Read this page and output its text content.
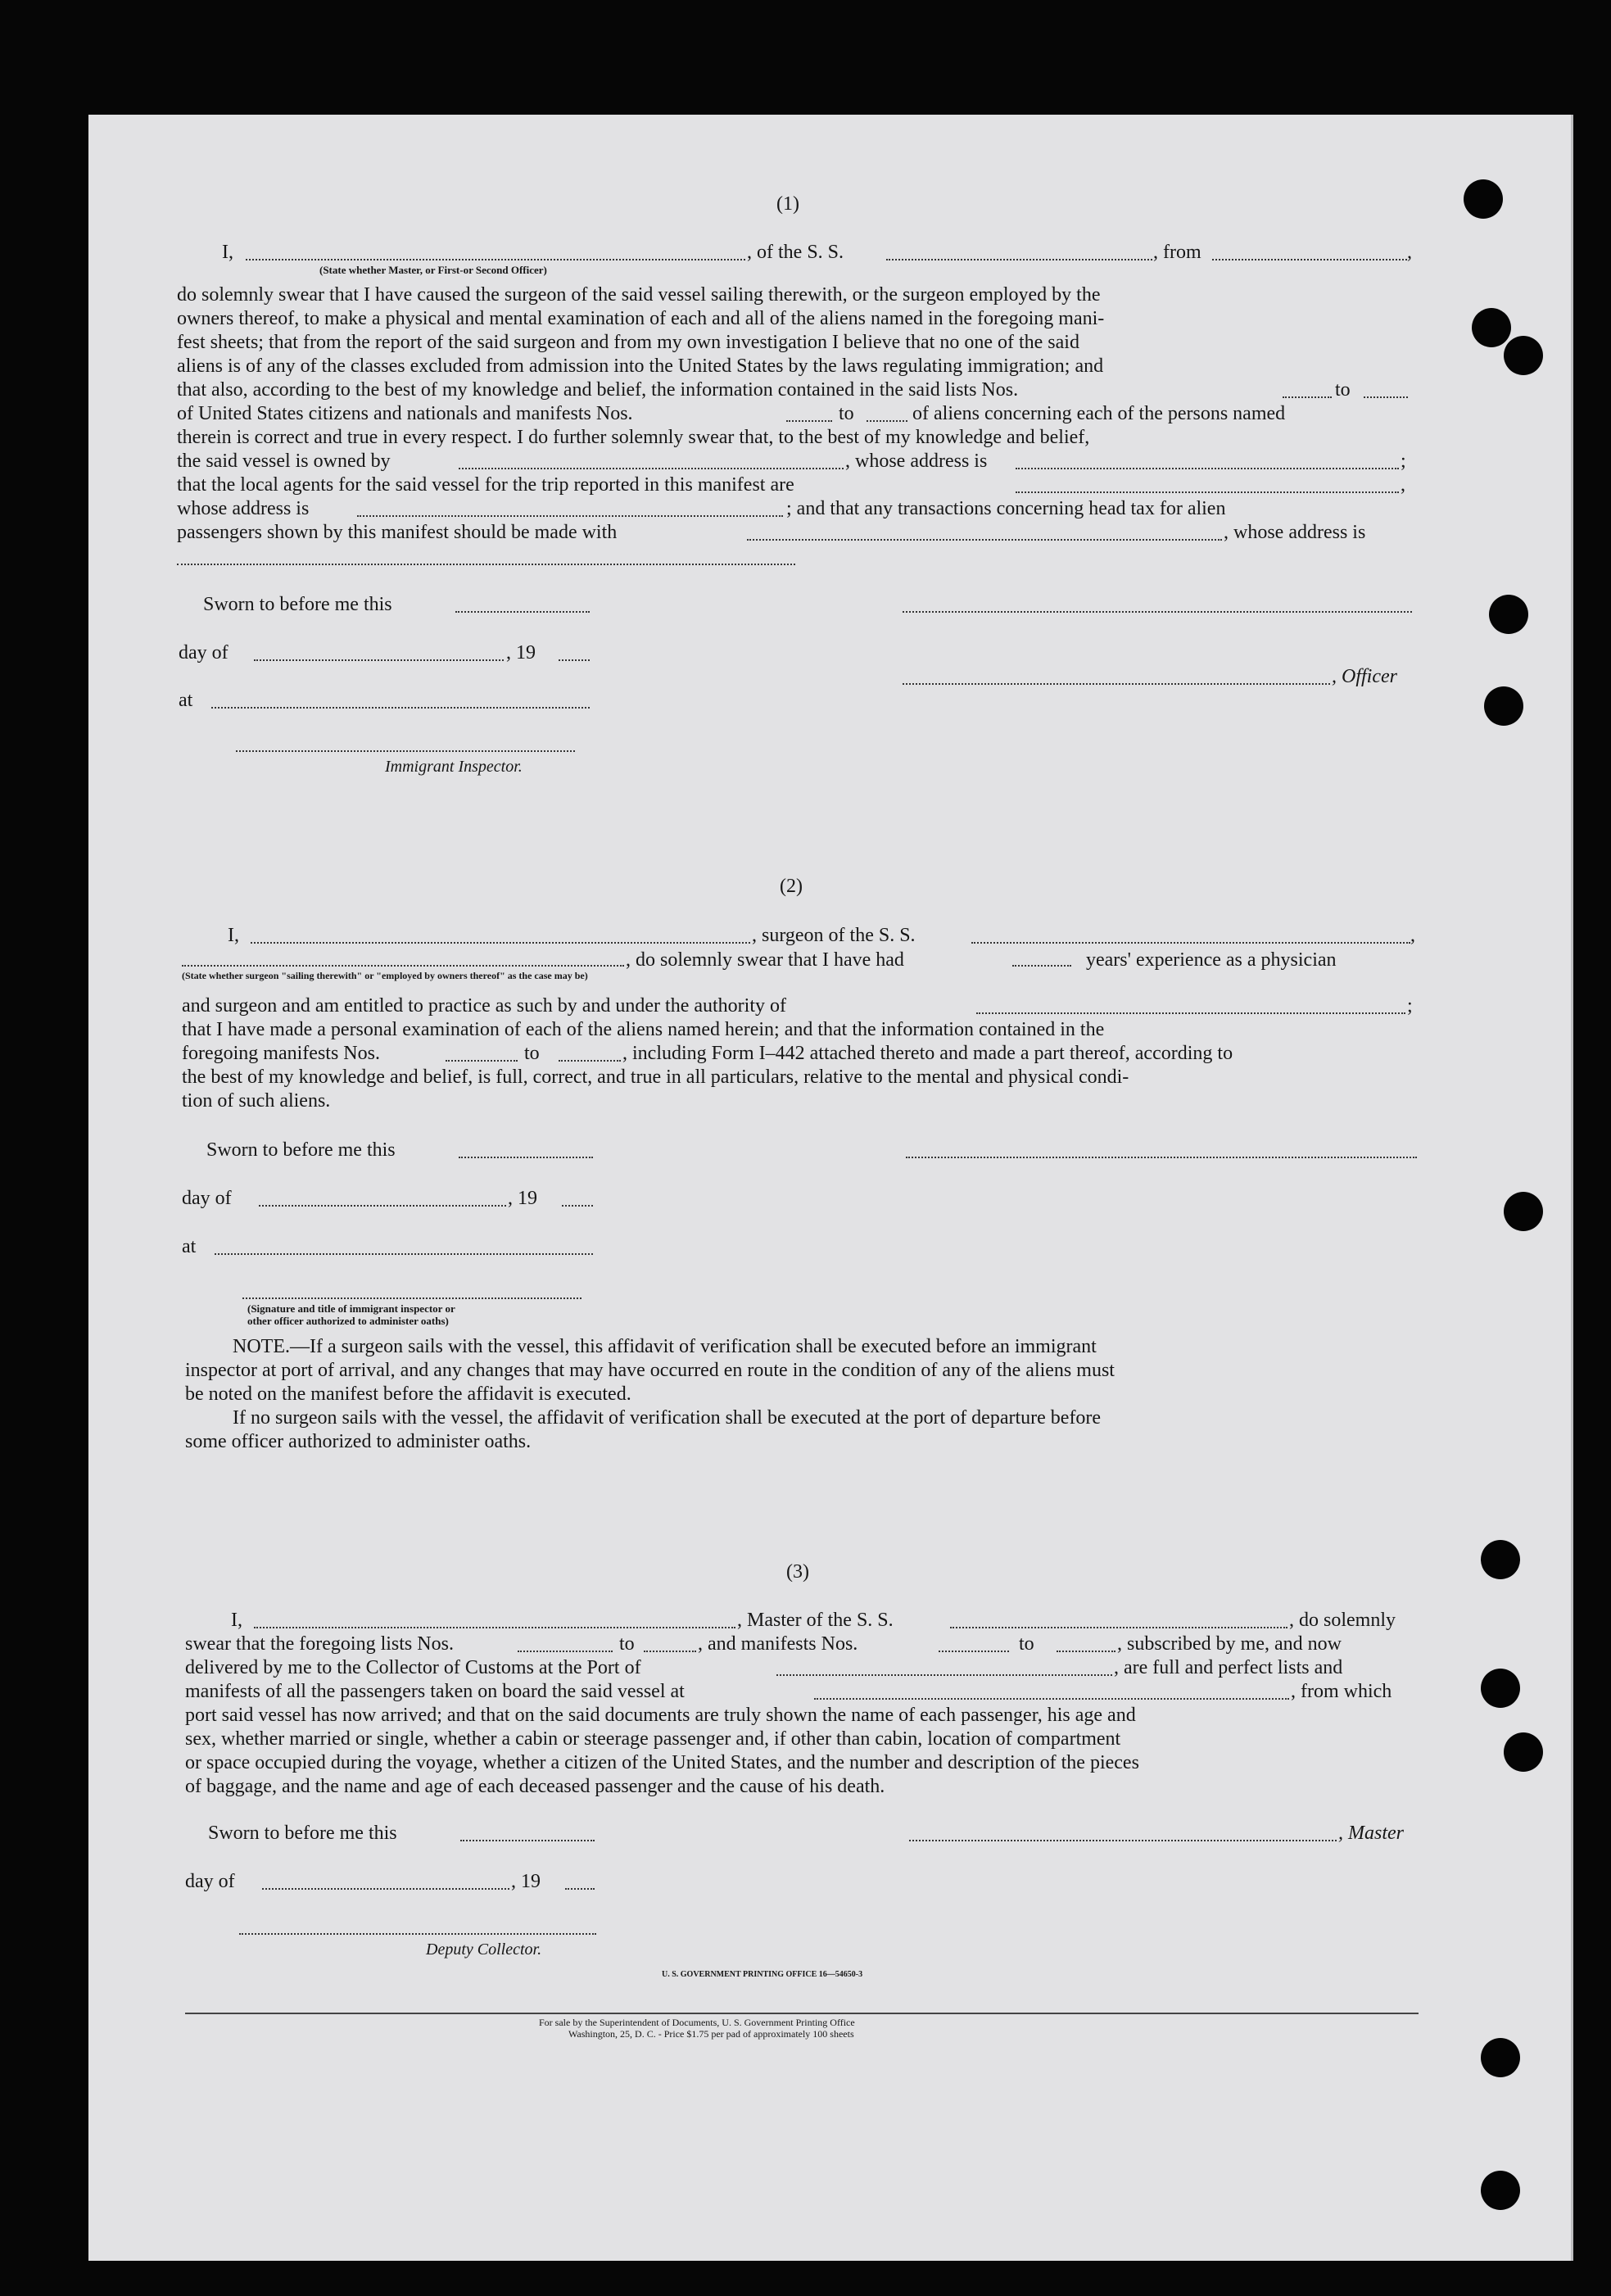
(1)
I,	, of the S. S.	, from	,
(State whether Master, or First-or Second Officer)
do solemnly swear that I have caused the surgeon of the said vessel sailing therewith, or the surgeon employed by the
owners thereof, to make a physical and mental examination of each and all of the aliens named in the foregoing mani-
fest sheets; that from the report of the said surgeon and from my own investigation I believe that no one of the said
aliens is of any of the classes excluded from admission into the United States by the laws regulating immigration; and
that also, according to the best of my knowledge and belief, the information contained in the said lists Nos.	to
of United States citizens and nationals and manifests Nos.	to	of aliens concerning each of the persons named
therein is correct and true in every respect. I do further solemnly swear that, to the best of my knowledge and belief,
the said vessel is owned by	, whose address is	;
that the local agents for the said vessel for the trip reported in this manifest are	,
whose address is	; and that any transactions concerning head tax for alien
passengers shown by this manifest should be made with	, whose address is
Sworn to before me this
day of	, 19
, Officer
at
Immigrant Inspector.
(2)
I,	, surgeon of the S. S.	,
, do solemnly swear that I have had	years' experience as a physician
(State whether surgeon "sailing therewith" or "employed by owners thereof" as the case may be)
and surgeon and am entitled to practice as such by and under the authority of	;
that I have made a personal examination of each of the aliens named herein; and that the information contained in the
foregoing manifests Nos.	to	, including Form I–442 attached thereto and made a part thereof, according to
the best of my knowledge and belief, is full, correct, and true in all particulars, relative to the mental and physical condi-
tion of such aliens.
Sworn to before me this
day of	, 19
at
(Signature and title of immigrant inspector or
other officer authorized to administer oaths)
NOTE.—If a surgeon sails with the vessel, this affidavit of verification shall be executed before an immigrant
inspector at port of arrival, and any changes that may have occurred en route in the condition of any of the aliens must
be noted on the manifest before the affidavit is executed.
If no surgeon sails with the vessel, the affidavit of verification shall be executed at the port of departure before
some officer authorized to administer oaths.
(3)
I,	, Master of the S. S.	, do solemnly
swear that the foregoing lists Nos.	to	, and manifests Nos.	to	, subscribed by me, and now
delivered by me to the Collector of Customs at the Port of	, are full and perfect lists and
manifests of all the passengers taken on board the said vessel at	, from which
port said vessel has now arrived; and that on the said documents are truly shown the name of each passenger, his age and
sex, whether married or single, whether a cabin or steerage passenger and, if other than cabin, location of compartment
or space occupied during the voyage, whether a citizen of the United States, and the number and description of the pieces
of baggage, and the name and age of each deceased passenger and the cause of his death.
Sworn to before me this	, Master
day of	, 19
Deputy Collector.
U. S. GOVERNMENT PRINTING OFFICE 16—54650-3
For sale by the Superintendent of Documents, U. S. Government Printing Office
Washington, 25, D. C. - Price $1.75 per pad of approximately 100 sheets
